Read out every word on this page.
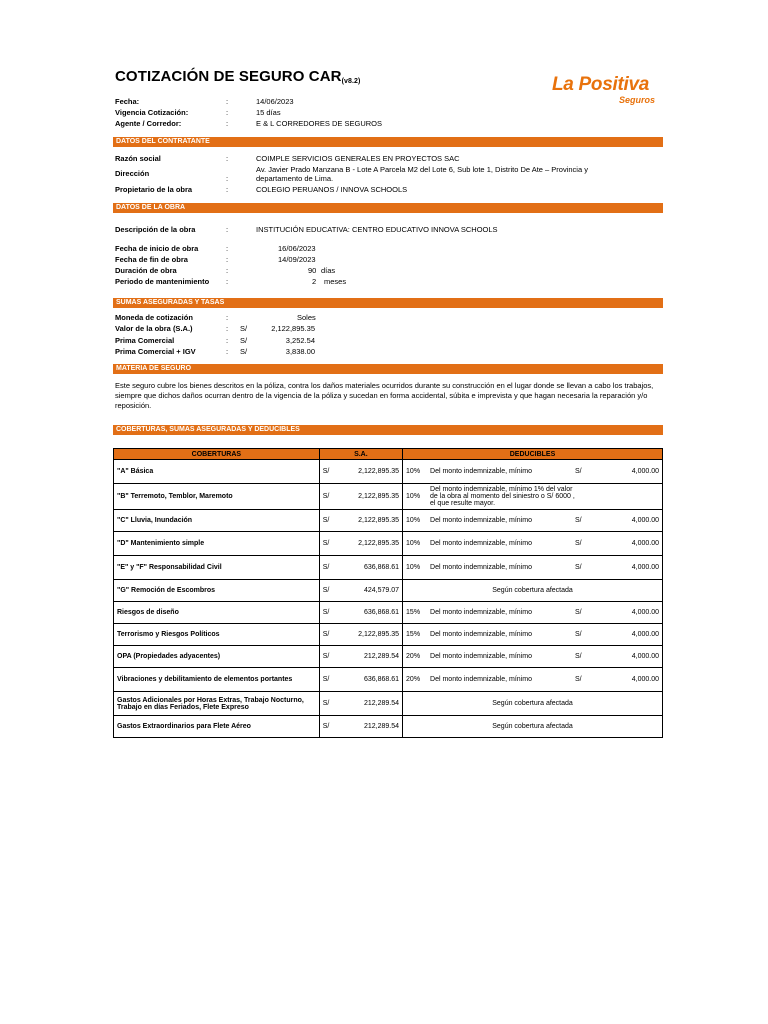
COTIZACIÓN DE SEGURO $CAR_{(v8.2)}$	La Positiva
Seguros
Fecha:	:	14/06/2023
Vigencia Cotización:	:	15 días
Agente / Corredor:	:	E & L CORREDORES DE SEGUROS
DATOS DEL CONTRATANTE
Razón social	:	COIMPLE SERVICIOS GENERALES EN PROYECTOS SAC
Dirección
:
Av. Javier Prado Manzana B - Lote A Parcela M2 del Lote 6, Sub lote 1, Distrito De Ate – Provincia y
departamento de Lima.
Propietario de la obra	:	COLEGIO PERUANOS / INNOVA SCHOOLS
DATOS DE LA OBRA
Descripción de la obra	:	INSTITUCIÓN EDUCATIVA: CENTRO EDUCATIVO INNOVA SCHOOLS
Fecha de inicio de obra	:	16/06/2023
Fecha de fin de obra	:	14/09/2023
Duración de obra	:	90 días
Periodo de mantenimiento :	2 meses
SUMAS ASEGURADAS Y TASAS
Moneda de cotización	:	Soles
Valor de la obra (S.A.)	: S/	2,122,895.35
Prima Comercial	: S/	3,252.54
Prima Comercial + IGV	: S/	3,838.00
MATERIA DE SEGURO
Este seguro cubre los bienes descritos en la póliza, contra los daños materiales ocurridos durante su construcción en el lugar donde se llevan a cabo los trabajos,
siempre que dichos daños ocurran dentro de la vigencia de la póliza y sucedan en forma accidental, súbita e imprevista y que hagan necesaria la reparación y/o
reposición.
COBERTURAS, SUMAS ASEGURADAS Y DEDUCIBLES
COBERTURAS	S.A.	DEDUCIBLES
"A" Básica	S/ 2,122,895.35	10% Del monto indemnizable, mínimo S/ 4,000.00

"B" Terremoto, Temblor, Maremoto	S/ 2,122,895.35	10%
Del monto indemnizable, mínimo 1% del valor de la obra al momento del siniestro o S/ 6000 , el que resulte mayor.

"C" Lluvia, Inundación	S/ 2,122,895.35	10% Del monto indemnizable, mínimo S/ 4,000.00

"D" Mantenimiento simple	S/ 2,122,895.35	10% Del monto indemnizable, mínimo S/ 4,000.00

"E" y "F" Responsabilidad Civil	S/ 636,868.61	10% Del monto indemnizable, mínimo S/ 4,000.00

"G" Remoción de Escombros	S/ 424,579.07	Según cobertura afectada
Riesgos de diseño	S/ 636,868.61	15% Del monto indemnizable, mínimo S/ 4,000.00

Terrorismo y Riesgos Políticos	S/ 2,122,895.35	15% Del monto indemnizable, mínimo S/ 4,000.00

OPA (Propiedades adyacentes)	S/ 212,289.54	20% Del monto indemnizable, mínimo S/ 4,000.00

Vibraciones y debilitamiento de elementos portantes	S/ 636,868.61	20% Del monto indemnizable, mínimo S/ 4,000.00

Gastos Adicionales por Horas Extras, Trabajo Nocturno, Trabajo en días Feriados, Flete Expreso	S/ 212,289.54	Según cobertura afectada
Gastos Extraordinarios para Flete Aéreo	S/ 212,289.54	Según cobertura afectada
